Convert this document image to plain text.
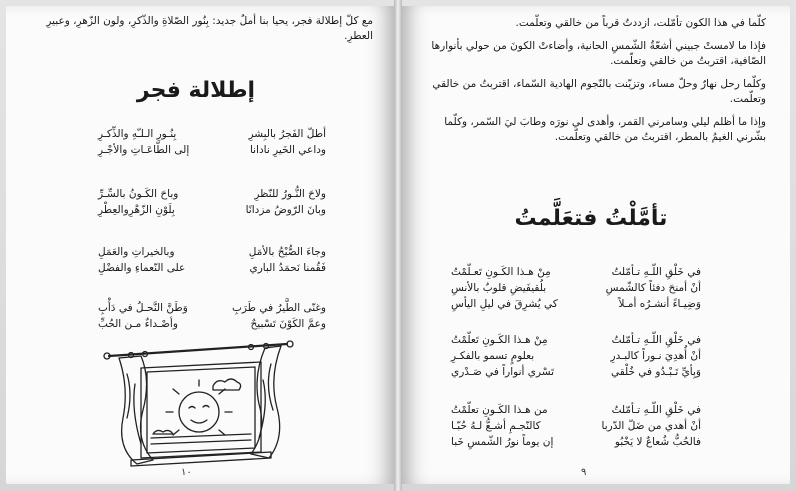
مع كلّ إطلالة فجر، يحيا بنا أملٌ جديد: بِنُور الصّلاةِ والذّكرِ، ولون الزّهرِ، وعبيرِ العطرِ.

إطلالة فجر
أطلّ الفَجرُ بالبِشرِ
بِنُـورِ الـلـّهِ والذِّكـرِ
وداعي الخَيرِ نادانا
إلى الطّاعَـاتِ والأجْـرِ
ولاحَ النُّـورُ للنّظرِ
وباحَ الكَـونُ بالسِّـرِّ
وبانَ الرّوضُ مزدانًا
بِلَوْنِ الزّهْرِوالعِطْرِ
وجاءَ الصُّبْحُ بالأمَلِ
وبالخيراتِ والعَمَلِ
فَقُمنا نَحمَدُ الباري
على النّعماءِ والفضْلِ
وغنّى الطَّيرُ في طَرَبِ
وَطَنَّ النَّحـلُ في دَأْبِ
وعمَّ الكَوْنَ تَسْبيحٌ
وأصْـداءٌ مـن الحُبِّ
١٠

كلّما في هذا الكون تأمّلت، ازددتُ قرباً من خالقي وتعلّمت.

فإذا ما لامستْ جبيني أشعّةُ الشّمسِ الحانية، وأضاءتْ الكونَ من حولي بأنوارها الصّافية، اقتربتُ من خالقي وتعلّمت.

وكلّما رحل نهارٌ وحلّ مساء، وتزيّنت بالنّجوم الهادية السّماء، اقتربتُ من خالقي وتعلّمت.

وإذا ما أظلم ليلي وسامرني القمر، وأهدى لي نورَه وطابَ ليَ السّمر، وكلّما بشّرني الغيمُ بالمطر، اقتربتُ من خالقي وتعلّمت.

تأمَّلْتُ فتعَلَّمتُ
في خَلْقِ اللّـهِ تـأمّلتُ
مِنْ هـذا الكَـونِ تَعـلّمْتُ
أنْ أمنحَ دفئاً كالشّمسِ
بلُقيفَيضِ قلوبٌ بالأنسِ
وَضِيـاءً أنشـرُه أمـلاً
كي يُشرِقَ في ليلِ اليأسِ
في خَلْقِ اللّـهِ تـأمّلتُ
مِنْ هـذا الكَـونِ تَعلّمْتُ
أنْ أُهدِيَ نـوراً كالبـدرِ
بعلومٍ تسمو بالفكـرِ
وَبِأيِّ تَـبْـدُو في خُلْقي
تَسْري أنواراً في صَـدْري
في خَلْقِ اللّـهِ تـأمّلتُ
من هـذا الكَـونِ تعلّمْتُ
أنْ أهدي من ضَلّ الدّربا
كالنّجـمِ أشـعُّ لـهُ حُبّـا
فالحُبُّ شُعاعٌ لا يَخْبُو
إن يوماً نورُ الشّمسِ خَبا
٩
